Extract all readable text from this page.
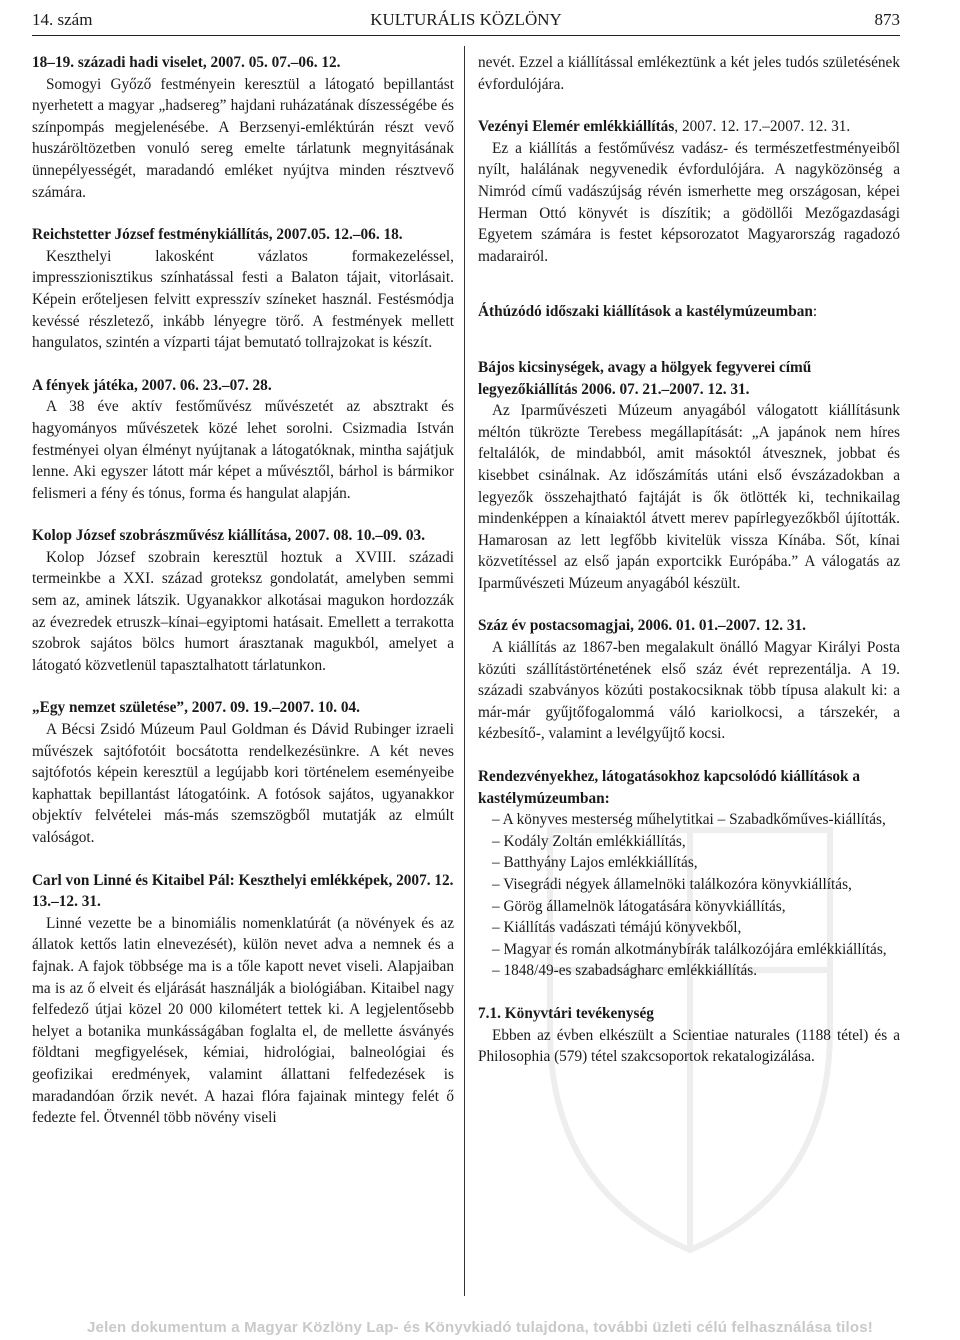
14. szám	KULTURÁLIS KÖZLÖNY	873
18–19. századi hadi viselet, 2007. 05. 07.–06. 12.

Somogyi Győző festményein keresztül a látogató bepillantást nyerhetett a magyar „hadsereg” hajdani ruházatának díszességébe és színpompás megjelenésébe. A Berzsenyi-emléktúrán részt vevő huszáröltözetben vonuló sereg emelte tárlatunk megnyitásának ünnepélyességét, maradandó emléket nyújtva minden résztvevő számára.

Reichstetter József festménykiállítás, 2007.05. 12.–06. 18.

Keszthelyi lakosként vázlatos formakezeléssel, impresszionisztikus színhatással festi a Balaton tájait, vitorlásait. Képein erőteljesen felvitt expresszív színeket használ. Festésmódja kevéssé részletező, inkább lényegre törő. A festmények mellett hangulatos, szintén a vízparti tájat bemutató tollrajzokat is készít.

A fények játéka, 2007. 06. 23.–07. 28.

A 38 éve aktív festőművész művészetét az absztrakt és hagyományos művészetek közé lehet sorolni. Csizmadia István festményei olyan élményt nyújtanak a látogatóknak, mintha sajátjuk lenne. Aki egyszer látott már képet a művésztől, bárhol is bármikor felismeri a fény és tónus, forma és hangulat alapján.

Kolop József szobrászművész kiállítása, 2007. 08. 10.–09. 03.

Kolop József szobrain keresztül hoztuk a XVIII. századi termeinkbe a XXI. század groteksz gondolatát, amelyben semmi sem az, aminek látszik. Ugyanakkor alkotásai magukon hordozzák az évezredek etruszk–kínai–egyiptomi hatásait. Emellett a terrakotta szobrok sajátos bölcs humort árasztanak magukból, amelyet a látogató közvetlenül tapasztalhatott tárlatunkon.

„Egy nemzet születése”, 2007. 09. 19.–2007. 10. 04.

A Bécsi Zsidó Múzeum Paul Goldman és Dávid Rubinger izraeli művészek sajtófotóit bocsátotta rendelkezésünkre. A két neves sajtófotós képein keresztül a legújabb kori történelem eseményeibe kaphattak bepillantást látogatóink. A fotósok sajátos, ugyanakkor objektív felvételei más-más szemszögből mutatják az elmúlt valóságot.

Carl von Linné és Kitaibel Pál: Keszthelyi emlékképek, 2007. 12. 13.–12. 31.

Linné vezette be a binomiális nomenklatúrát (a növények és az állatok kettős latin elnevezését), külön nevet adva a nemnek és a fajnak. A fajok többsége ma is a tőle kapott nevet viseli. Alapjaiban ma is az ő elveit és eljárását használják a biológiában. Kitaibel nagy felfedező útjai közel 20 000 kilométert tettek ki. A legjelentősebb helyet a botanika munkásságában foglalta el, de mellette ásványés földtani megfigyelések, kémiai, hidrológiai, balneológiai és geofizikai eredmények, valamint állattani felfedezések is maradandóan őrzik nevét. A hazai flóra fajainak mintegy felét ő fedezte fel. Ötvennél több növény viseli

nevét. Ezzel a kiállítással emlékeztünk a két jeles tudós születésének évfordulójára.

Vezényi Elemér emlékkiállítás, 2007. 12. 17.–2007. 12. 31.

Ez a kiállítás a festőművész vadász- és természetfestményeiből nyílt, halálának negyvenedik évfordulójára. A nagyközönség a Nimród című vadászújság révén ismerhette meg országosan, képei Herman Ottó könyvét is díszítik; a gödöllői Mezőgazdasági Egyetem számára is festet képsorozatot Magyarország ragadozó madarairól.

Áthúzódó időszaki kiállítások a kastélymúzeumban:
Bájos kicsinységek, avagy a hölgyek fegyverei című legyezőkiállítás 2006. 07. 21.–2007. 12. 31.

Az Iparművészeti Múzeum anyagából válogatott kiállításunk méltón tükrözte Terebess megállapítását: „A japánok nem híres feltalálók, de mindabból, amit másoktól átvesznek, jobbat és kisebbet csinálnak. Az időszámítás utáni első évszázadokban a legyezők összehajtható fajtáját is ők ötlötték ki, technikailag mindenképpen a kínaiaktól átvett merev papírlegyezőkből újították. Hamarosan az lett legfőbb kivitelük vissza Kínába. Sőt, kínai közvetítéssel az első japán exportcikk Európába.” A válogatás az Iparművészeti Múzeum anyagából készült.

Száz év postacsomagjai, 2006. 01. 01.–2007. 12. 31.

A kiállítás az 1867-ben megalakult önálló Magyar Királyi Posta közúti szállítástörténetének első száz évét reprezentálja. A 19. századi szabványos közúti postakocsiknak több típusa alakult ki: a már-már gyűjtőfogalommá váló kariolkocsi, a társzekér, a kézbesítő-, valamint a levélgyűjtő kocsi.

Rendezvényekhez, látogatásokhoz kapcsolódó kiállítások a kastélymúzeumban:

– A könyves mesterség műhelytitkai – Szabadkőműves-kiállítás,

– Kodály Zoltán emlékkiállítás,

– Batthyány Lajos emlékkiállítás,

– Visegrádi négyek államelnöki találkozóra könyvkiállítás,

– Görög államelnök látogatására könyvkiállítás,

– Kiállítás vadászati témájú könyvekből,

– Magyar és román alkotmánybírák találkozójára emlékkiállítás,

– 1848/49-es szabadságharc emlékkiállítás.

7.1. Könyvtári tevékenység

Ebben az évben elkészült a Scientiae naturales (1188 tétel) és a Philosophia (579) tétel szakcsoportok rekatalogizálása.

Jelen dokumentum a Magyar Közlöny Lap- és Könyvkiadó tulajdona, további üzleti célú felhasználása tilos!
